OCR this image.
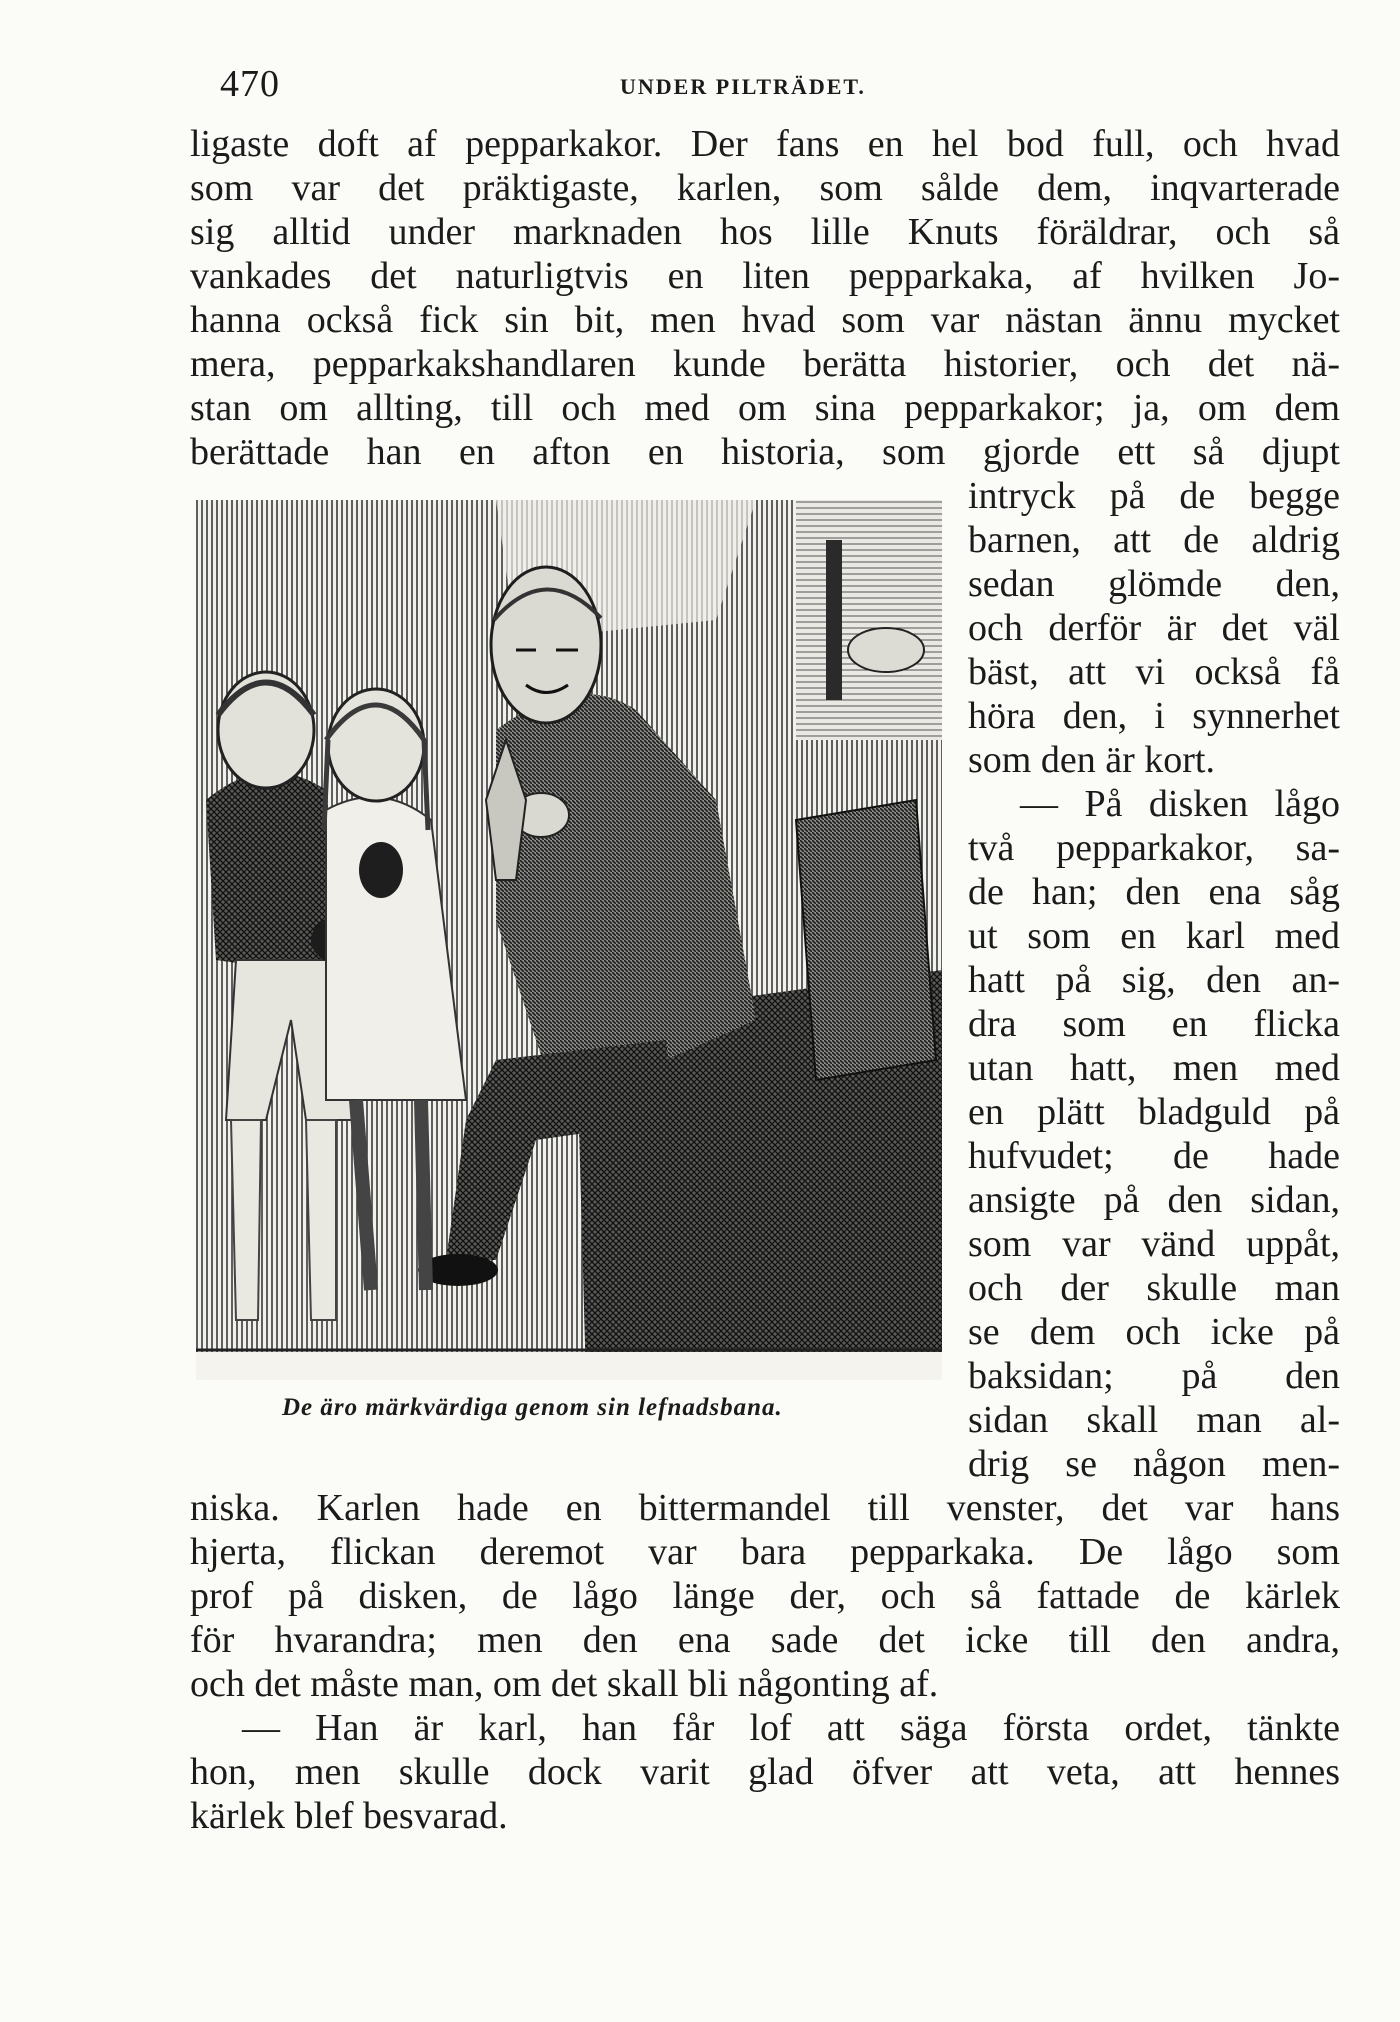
470	UNDER PILTRÄDET.
ligaste doft af pepparkakor. Der fans en hel bod full, och hvad
som var det präktigaste, karlen, som sålde dem, inqvarterade
sig alltid under marknaden hos lille Knuts föräldrar, och så
vankades det naturligtvis en liten pepparkaka, af hvilken Jo-
hanna också fick sin bit, men hvad som var nästan ännu mycket
mera, pepparkakshandlaren kunde berätta historier, och det nä-
stan om allting, till och med om sina pepparkakor; ja, om dem
berättade han en afton en historia, som gjorde ett så djupt
intryck på de begge
barnen, att de aldrig
sedan glömde den,
och derför är det väl
bäst, att vi också få
höra den, i synnerhet
som den är kort.
— På disken lågo
två pepparkakor, sa-
de han; den ena såg
ut som en karl med
hatt på sig, den an-
dra som en flicka
utan hatt, men med
en plätt bladguld på
hufvudet; de hade
ansigte på den sidan,
som var vänd uppåt,
och der skulle man
se dem och icke på
baksidan; på den
sidan skall man al-
drig se någon men-
niska. Karlen hade en bittermandel till venster, det var hans
hjerta, flickan deremot var bara pepparkaka. De lågo som
prof på disken, de lågo länge der, och så fattade de kärlek
för hvarandra; men den ena sade det icke till den andra,
och det måste man, om det skall bli någonting af.
— Han är karl, han får lof att säga första ordet, tänkte
hon, men skulle dock varit glad öfver att veta, att hennes
kärlek blef besvarad.
De äro märkvärdiga genom sin lefnadsbana.
